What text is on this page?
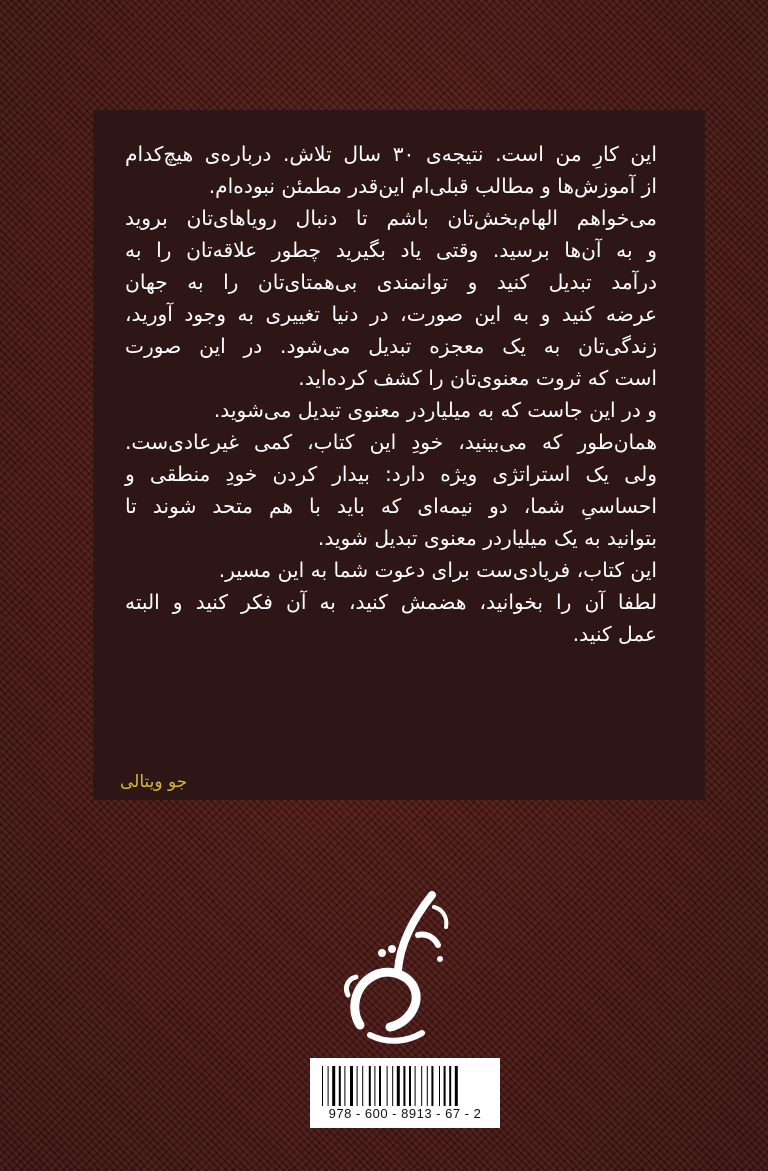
این کارِ من است. نتیجه‌ی ۳۰ سال تلاش. درباره‌ی هیچ‌کدام
از آموزش‌ها و مطالب قبلی‌ام این‌قدر مطمئن نبوده‌ام.
می‌خواهم الهام‌بخش‌تان باشم تا دنبال رویاهای‌تان بروید
و به آن‌ها برسید. وقتی یاد بگیرید چطور علاقه‌تان را به
درآمد تبدیل کنید و توانمندی بی‌همتای‌تان را به جهان
عرضه کنید و به این صورت، در دنیا تغییری به وجود آورید،
زندگی‌تان به یک معجزه تبدیل می‌شود. در این صورت
است که ثروت معنوی‌تان را کشف کرده‌اید.
و در این جاست که به میلیاردر معنوی تبدیل می‌شوید.
همان‌طور که می‌بینید، خودِ این کتاب، کمی غیرعادی‌ست.
ولی یک استراتژی ویژه دارد: بیدار کردن خودِ منطقی و
احساسیِ شما، دو نیمه‌ای که باید با هم متحد شوند تا
بتوانید به یک میلیاردر معنوی تبدیل شوید.
این کتاب، فریادی‌ست برای دعوت شما به این مسیر.
لطفا آن را بخوانید، هضمش کنید، به آن فکر کنید و البته
عمل کنید.
جو ویتالی
978 - 600 - 8913 - 67 - 2
